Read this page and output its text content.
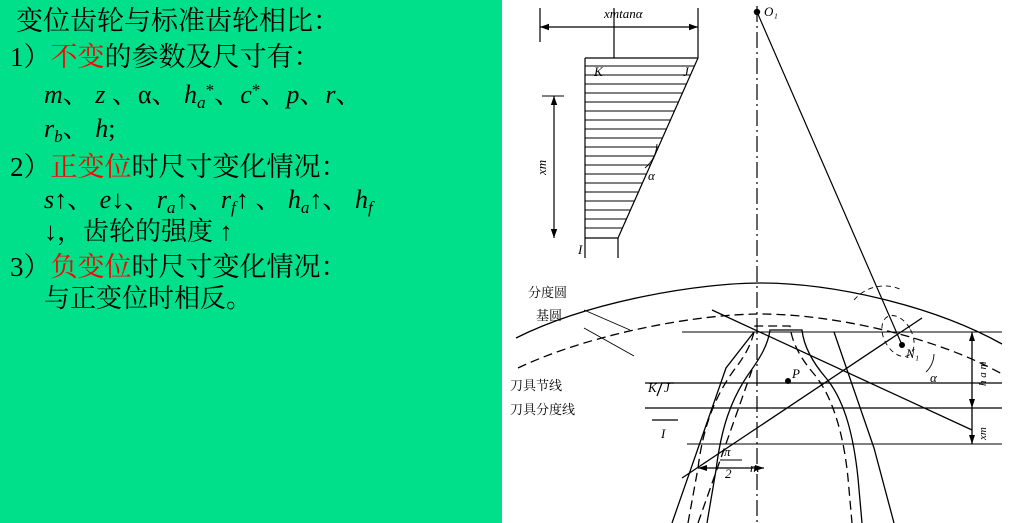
变位齿轮与标准齿轮相比：
1）不变的参数及尺寸有：
m、 z 、α、 $h_a^*$、c*、p、r、
$r_b$、 h;
2）正变位时尺寸变化情况：
s↑、 e↓、 $r_a↑$、 $r_f↑$ 、 $h_a↑$、 $h_f$
↓，齿轮的强度 ↑
3）负变位时尺寸变化情况：
与正变位时相反。
xmtanα
K	J
I
xm
α
O₁
分度圆
基圆
刀具节线
刀具分度线
K J
I
P
N₁
α	h a m
xm
π
2 m
